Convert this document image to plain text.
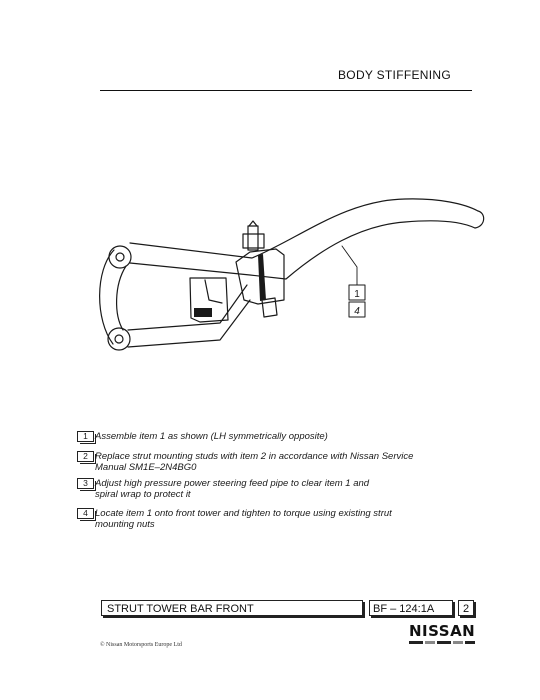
BODY STIFFENING
1
4
1 Assemble item 1 as shown (LH symmetrically opposite)
2 Replace strut mounting studs with item 2 in accordance with Nissan Service
Manual SM1E–2N4BG0
3 Adjust high pressure power steering feed pipe to clear item 1 and
spiral wrap to protect it
4 Locate item 1 onto front tower and tighten to torque using existing strut
mounting nuts
STRUT TOWER BAR FRONT	BF – 124:1A	2
NISSAN
© Nissan Motorsports Europe Ltd
